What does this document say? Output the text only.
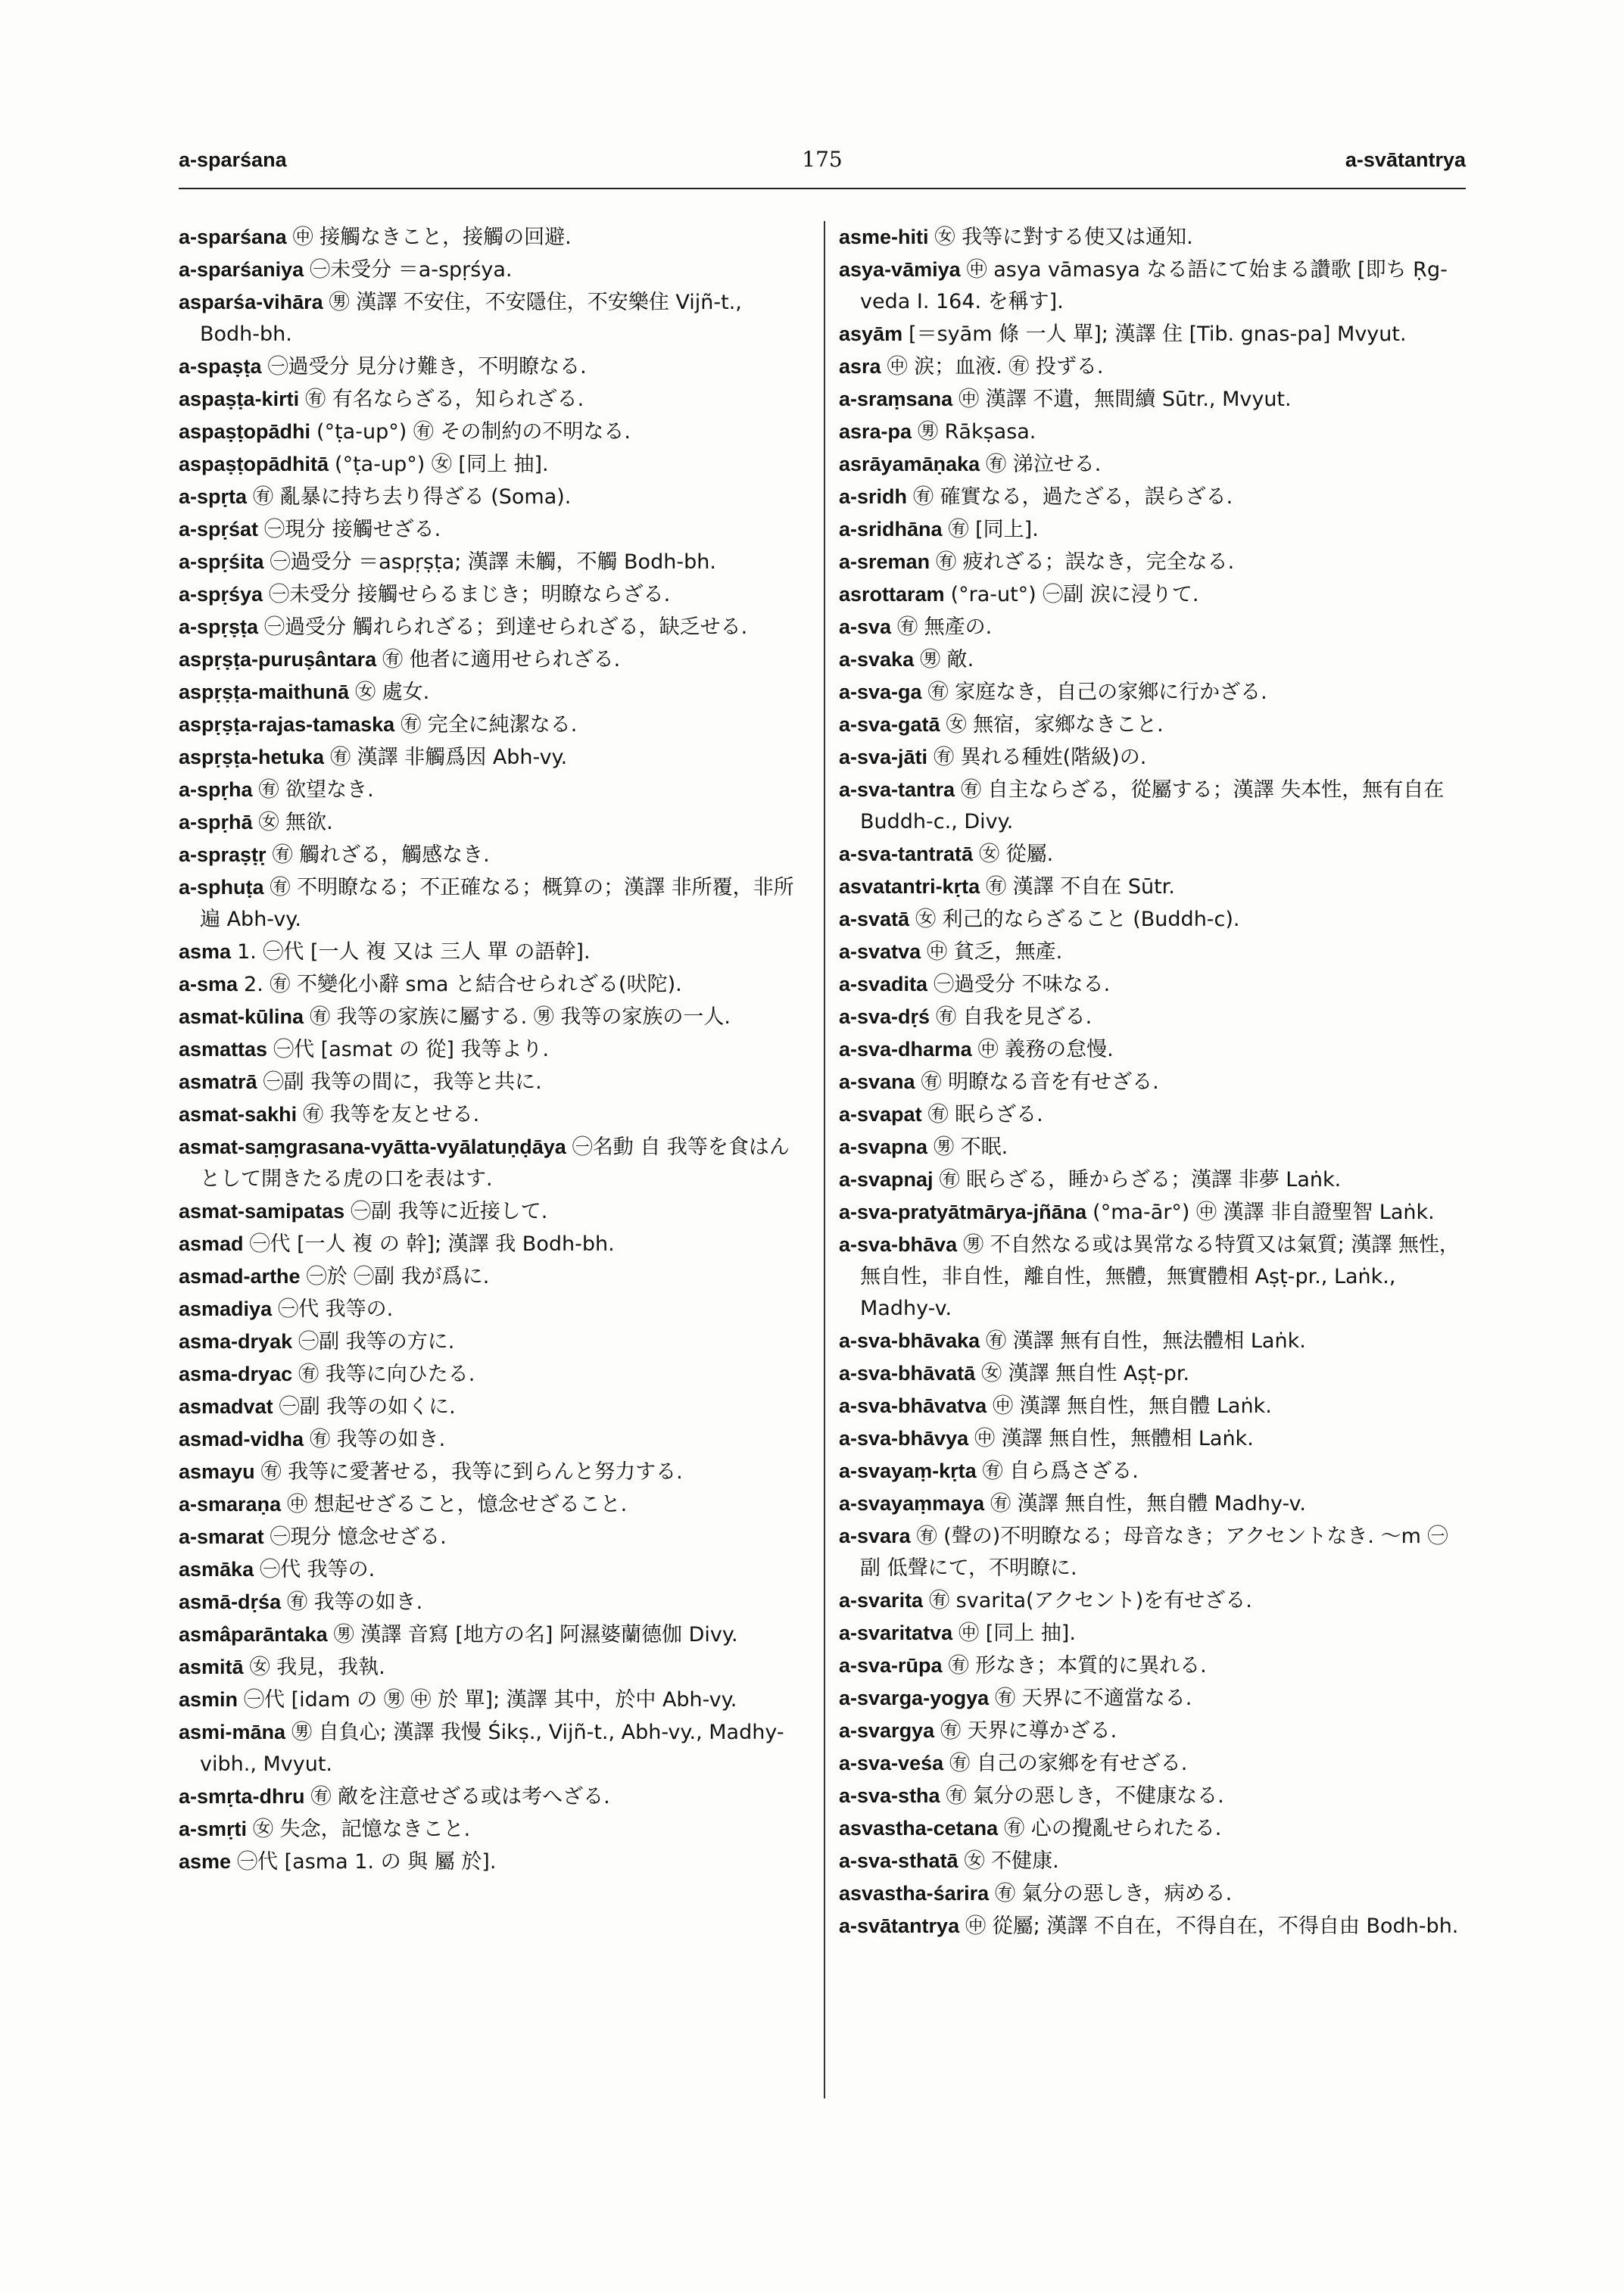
a-sparśana	175	a-svātantrya
a-sparśana ㊥ 接觸なきこと，接觸の回避.
a-sparśaniya ㊀未受分 ＝a-spṛśya.
asparśa-vihāra ㊚ 漢譯 不安住，不安隱住，不安樂住 Vijñ-t., Bodh-bh.
a-spaṣṭa ㊀過受分 見分け難き，不明瞭なる.
aspaṣṭa-kirti ㊒ 有名ならざる，知られざる.
aspaṣṭopādhi (°ṭa-up°) ㊒ その制約の不明なる.
aspaṣṭopādhitā (°ṭa-up°) ㊛ [同上 抽].
a-spṛta ㊒ 亂暴に持ち去り得ざる (Soma).
a-spṛśat ㊀現分 接觸せざる.
a-spṛśita ㊀過受分 ＝aspṛṣṭa; 漢譯 未觸，不觸 Bodh-bh.
a-spṛśya ㊀未受分 接觸せらるまじき；明瞭ならざる.
a-spṛṣṭa ㊀過受分 觸れられざる；到達せられざる，缺乏せる.
aspṛṣṭa-puruṣântara ㊒ 他者に適用せられざる.
aspṛṣṭa-maithunā ㊛ 處女.
aspṛṣṭa-rajas-tamaska ㊒ 完全に純潔なる.
aspṛṣṭa-hetuka ㊒ 漢譯 非觸爲因 Abh-vy.
a-spṛha ㊒ 欲望なき.
a-spṛhā ㊛ 無欲.
a-spraṣṭṛ ㊒ 觸れざる，觸感なき.
a-sphuṭa ㊒ 不明瞭なる；不正確なる；概算の；漢譯 非所覆，非所遍 Abh-vy.
asma 1. ㊀代 [一人 複 又は 三人 單 の語幹].
a-sma 2. ㊒ 不變化小辭 sma と結合せられざる(吠陀).
asmat-kūlina ㊒ 我等の家族に屬する. ㊚ 我等の家族の一人.
asmattas ㊀代 [asmat の 從] 我等より.
asmatrā ㊀副 我等の間に，我等と共に.
asmat-sakhi ㊒ 我等を友とせる.
asmat-saṃgrasana-vyātta-vyālatuṇḍāya ㊀名動 自 我等を食はんとして開きたる虎の口を表はす.
asmat-samipatas ㊀副 我等に近接して.
asmad ㊀代 [一人 複 の 幹]; 漢譯 我 Bodh-bh.
asmad-arthe ㊀於 ㊀副 我が爲に.
asmadiya ㊀代 我等の.
asma-dryak ㊀副 我等の方に.
asma-dryac ㊒ 我等に向ひたる.
asmadvat ㊀副 我等の如くに.
asmad-vidha ㊒ 我等の如き.
asmayu ㊒ 我等に愛著せる，我等に到らんと努力する.
a-smaraṇa ㊥ 想起せざること，憶念せざること.
a-smarat ㊀現分 憶念せざる.
asmāka ㊀代 我等の.
asmā-dṛśa ㊒ 我等の如き.
asmâparāntaka ㊚ 漢譯 音寫 [地方の名] 阿濕婆蘭德伽 Divy.
asmitā ㊛ 我見，我執.
asmin ㊀代 [idam の ㊚ ㊥ 於 單]; 漢譯 其中，於中 Abh-vy.
asmi-māna ㊚ 自負心; 漢譯 我慢 Śikṣ., Vijñ-t., Abh-vy., Madhy-vibh., Mvyut.
a-smṛta-dhru ㊒ 敵を注意せざる或は考へざる.
a-smṛti ㊛ 失念，記憶なきこと.
asme ㊀代 [asma 1. の 與 屬 於].
asme-hiti ㊛ 我等に對する使又は通知.
asya-vāmiya ㊥ asya vāmasya なる語にて始まる讚歌 [即ち Ṛg-veda I. 164. を稱す].
asyām [＝syām 條 一人 單]; 漢譯 住 [Tib. gnas-pa] Mvyut.
asra ㊥ 涙；血液. ㊒ 投ずる.
a-sraṃsana ㊥ 漢譯 不遺，無間續 Sūtr., Mvyut.
asra-pa ㊚ Rākṣasa.
asrāyamāṇaka ㊒ 涕泣せる.
a-sridh ㊒ 確實なる，過たざる，誤らざる.
a-sridhāna ㊒ [同上].
a-sreman ㊒ 疲れざる；誤なき，完全なる.
asrottaram (°ra-ut°) ㊀副 涙に浸りて.
a-sva ㊒ 無產の.
a-svaka ㊚ 敵.
a-sva-ga ㊒ 家庭なき，自己の家鄉に行かざる.
a-sva-gatā ㊛ 無宿，家鄉なきこと.
a-sva-jāti ㊒ 異れる種姓(階級)の.
a-sva-tantra ㊒ 自主ならざる，從屬する；漢譯 失本性，無有自在 Buddh-c., Divy.
a-sva-tantratā ㊛ 從屬.
asvatantri-kṛta ㊒ 漢譯 不自在 Sūtr.
a-svatā ㊛ 利己的ならざること (Buddh-c).
a-svatva ㊥ 貧乏，無產.
a-svadita ㊀過受分 不味なる.
a-sva-dṛś ㊒ 自我を見ざる.
a-sva-dharma ㊥ 義務の怠慢.
a-svana ㊒ 明瞭なる音を有せざる.
a-svapat ㊒ 眠らざる.
a-svapna ㊚ 不眠.
a-svapnaj ㊒ 眠らざる，睡からざる；漢譯 非夢 Laṅk.
a-sva-pratyātmārya-jñāna (°ma-ār°) ㊥ 漢譯 非自證聖智 Laṅk.
a-sva-bhāva ㊚ 不自然なる或は異常なる特質又は氣質; 漢譯 無性，無自性，非自性，離自性，無體，無實體相 Aṣṭ-pr., Laṅk., Madhy-v.
a-sva-bhāvaka ㊒ 漢譯 無有自性，無法體相 Laṅk.
a-sva-bhāvatā ㊛ 漢譯 無自性 Aṣṭ-pr.
a-sva-bhāvatva ㊥ 漢譯 無自性，無自體 Laṅk.
a-sva-bhāvya ㊥ 漢譯 無自性，無體相 Laṅk.
a-svayaṃ-kṛta ㊒ 自ら爲さざる.
a-svayaṃmaya ㊒ 漢譯 無自性，無自體 Madhy-v.
a-svara ㊒ (聲の)不明瞭なる；母音なき；アクセントなき. ～m ㊀副 低聲にて，不明瞭に.
a-svarita ㊒ svarita(アクセント)を有せざる.
a-svaritatva ㊥ [同上 抽].
a-sva-rūpa ㊒ 形なき；本質的に異れる.
a-svarga-yogya ㊒ 天界に不適當なる.
a-svargya ㊒ 天界に導かざる.
a-sva-veśa ㊒ 自己の家鄉を有せざる.
a-sva-stha ㊒ 氣分の惡しき，不健康なる.
asvastha-cetana ㊒ 心の攪亂せられたる.
a-sva-sthatā ㊛ 不健康.
asvastha-śarira ㊒ 氣分の惡しき，病める.
a-svātantrya ㊥ 從屬; 漢譯 不自在，不得自在，不得自由 Bodh-bh.
